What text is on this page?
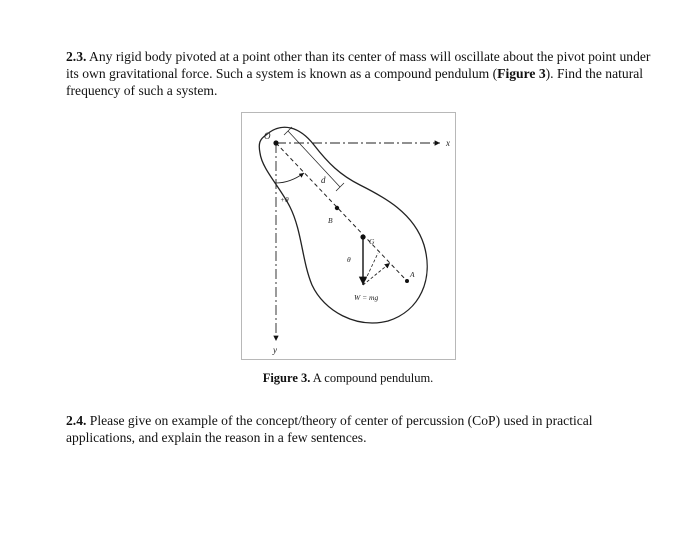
2.3. Any rigid body pivoted at a point other than its center of mass will oscillate about the pivot point under its own gravitational force. Such a system is known as a compound pendulum (Figure 3). Find the natural frequency of such a system.

O
x
y
d
+θ
B
G
θ
A
W = mg
Figure 3. A compound pendulum.

2.4. Please give on example of the concept/theory of center of percussion (CoP) used in practical applications, and explain the reason in a few sentences.
